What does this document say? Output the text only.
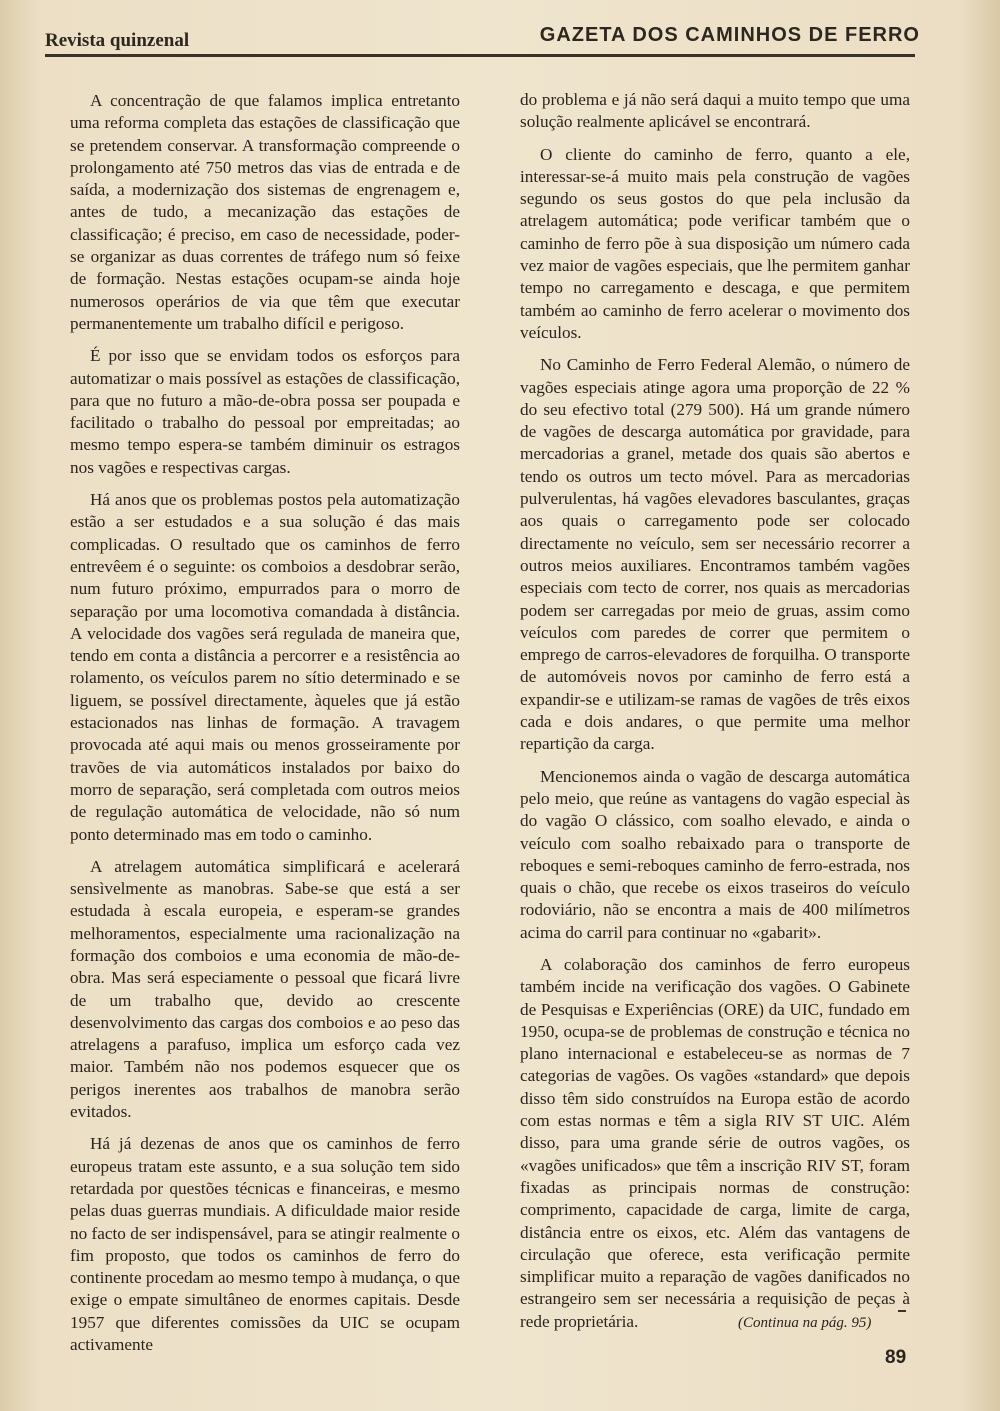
Revista quinzenal	GAZETA DOS CAMINHOS DE FERRO

A concentração de que falamos implica entretanto uma reforma completa das estações de classificação que se pretendem conservar. A transformação compreende o prolongamento até 750 metros das vias de entrada e de saída, a modernização dos sistemas de engrenagem e, antes de tudo, a mecanização das estações de classificação; é preciso, em caso de necessidade, poder-se organizar as duas correntes de tráfego num só feixe de formação. Nestas estações ocupam-se ainda hoje numerosos operários de via que têm que executar permanentemente um trabalho difícil e perigoso.

É por isso que se envidam todos os esforços para automatizar o mais possível as estações de classificação, para que no futuro a mão-de-obra possa ser poupada e facilitado o trabalho do pessoal por empreitadas; ao mesmo tempo espera-se também diminuir os estragos nos vagões e respectivas cargas.

Há anos que os problemas postos pela automatização estão a ser estudados e a sua solução é das mais complicadas. O resultado que os caminhos de ferro entrevêem é o seguinte: os comboios a desdobrar serão, num futuro próximo, empurrados para o morro de separação por uma locomotiva comandada à distância. A velocidade dos vagões será regulada de maneira que, tendo em conta a distância a percorrer e a resistência ao rolamento, os veículos parem no sítio determinado e se liguem, se possível directamente, àqueles que já estão estacionados nas linhas de formação. A travagem provocada até aqui mais ou menos grosseiramente por travões de via automáticos instalados por baixo do morro de separação, será completada com outros meios de regulação automática de velocidade, não só num ponto determinado mas em todo o caminho.

A atrelagem automática simplificará e acelerará sensìvelmente as manobras. Sabe-se que está a ser estudada à escala europeia, e esperam-se grandes melhoramentos, especialmente uma racionalização na formação dos comboios e uma economia de mão-de-obra. Mas será especiamente o pessoal que ficará livre de um trabalho que, devido ao crescente desenvolvimento das cargas dos comboios e ao peso das atrelagens a parafuso, implica um esforço cada vez maior. Também não nos podemos esquecer que os perigos inerentes aos trabalhos de manobra serão evitados.

Há já dezenas de anos que os caminhos de ferro europeus tratam este assunto, e a sua solução tem sido retardada por questões técnicas e financeiras, e mesmo pelas duas guerras mundiais. A dificuldade maior reside no facto de ser indispensável, para se atingir realmente o fim proposto, que todos os caminhos de ferro do continente procedam ao mesmo tempo à mudança, o que exige o empate simultâneo de enormes capitais. Desde 1957 que diferentes comissões da UIC se ocupam activamente

do problema e já não será daqui a muito tempo que uma solução realmente aplicável se encontrará.

O cliente do caminho de ferro, quanto a ele, interessar-se-á muito mais pela construção de vagões segundo os seus gostos do que pela inclusão da atrelagem automática; pode verificar também que o caminho de ferro põe à sua disposição um número cada vez maior de vagões especiais, que lhe permitem ganhar tempo no carregamento e descaga, e que permitem também ao caminho de ferro acelerar o movimento dos veículos.

No Caminho de Ferro Federal Alemão, o número de vagões especiais atinge agora uma proporção de 22 % do seu efectivo total (279 500). Há um grande número de vagões de descarga automática por gravidade, para mercadorias a granel, metade dos quais são abertos e tendo os outros um tecto móvel. Para as mercadorias pulverulentas, há vagões elevadores basculantes, graças aos quais o carregamento pode ser colocado directamente no veículo, sem ser necessário recorrer a outros meios auxiliares. Encontramos também vagões especiais com tecto de correr, nos quais as mercadorias podem ser carregadas por meio de gruas, assim como veículos com paredes de correr que permitem o emprego de carros-elevadores de forquilha. O transporte de automóveis novos por caminho de ferro está a expandir-se e utilizam-se ramas de vagões de três eixos cada e dois andares, o que permite uma melhor repartição da carga.

Mencionemos ainda o vagão de descarga automática pelo meio, que reúne as vantagens do vagão especial às do vagão O clássico, com soalho elevado, e ainda o veículo com soalho rebaixado para o transporte de reboques e semi-reboques caminho de ferro-estrada, nos quais o chão, que recebe os eixos traseiros do veículo rodoviário, não se encontra a mais de 400 milímetros acima do carril para continuar no «gabarit».

A colaboração dos caminhos de ferro europeus também incide na verificação dos vagões. O Gabinete de Pesquisas e Experiências (ORE) da UIC, fundado em 1950, ocupa-se de problemas de construção e técnica no plano internacional e estabeleceu-se as normas de 7 categorias de vagões. Os vagões «standard» que depois disso têm sido construídos na Europa estão de acordo com estas normas e têm a sigla RIV ST UIC. Além disso, para uma grande série de outros vagões, os «vagões unificados» que têm a inscrição RIV ST, foram fixadas as principais normas de construção: comprimento, capacidade de carga, limite de carga, distância entre os eixos, etc. Além das vantagens de circulação que oferece, esta verificação permite simplificar muito a reparação de vagões danificados no estrangeiro sem ser necessária a requisição de peças à rede proprietária.	(Continua na pág. 95)
89
